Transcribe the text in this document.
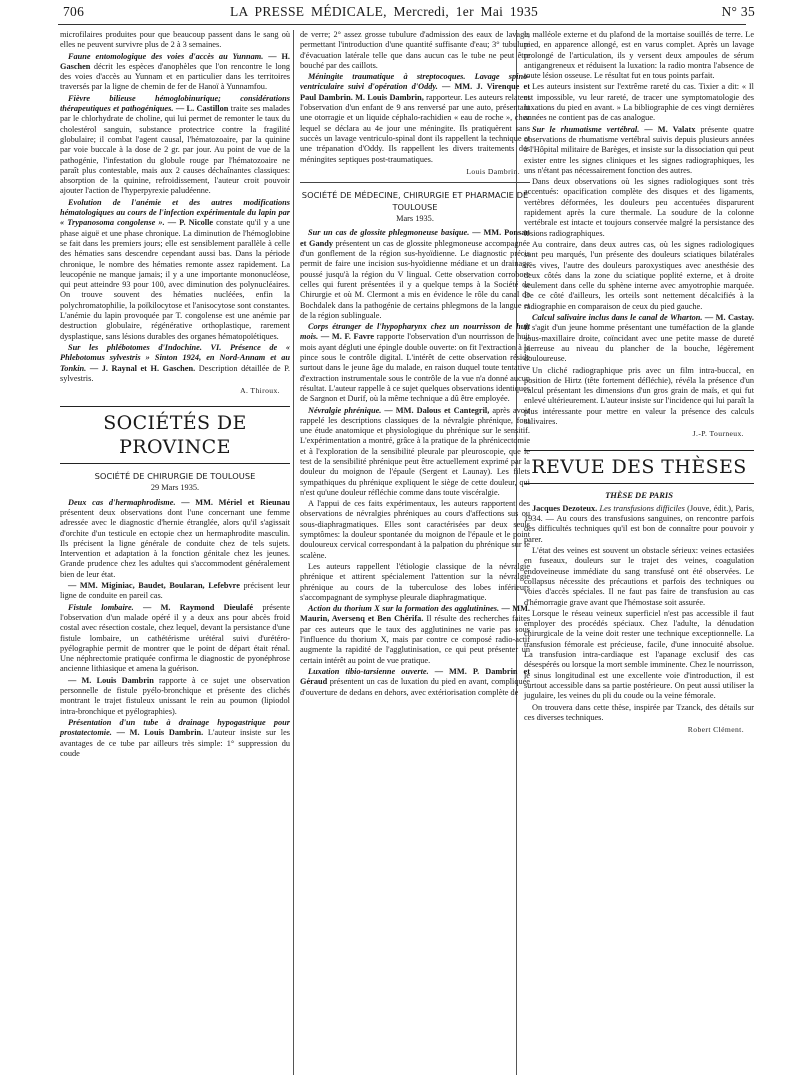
706	LA PRESSE MÉDICALE, Mercredi, 1er Mai 1935	N° 35

microfilaires produites pour que beaucoup passent dans le sang où elles ne peuvent survivre plus de 2 à 3 semaines.

Faune entomologique des voies d'accès au Yunnam. — H. Gaschen décrit les espèces d'anophèles que l'on rencontre le long des voies d'accès au Yunnam et en particulier dans les territoires traversés par la ligne de chemin de fer de Hanoï à Yunnamfou.

Fièvre bilieuse hémoglobinurique; considérations thérapeutiques et pathogéniques. — L. Castillon traite ses malades par le chlorhydrate de choline, qui lui permet de remonter le taux du cholestérol sanguin, substance protectrice contre la fragilité globulaire; il combat l'agent causal, l'hématozoaire, par la quinine par voie buccale à la dose de 2 gr. par jour. Au point de vue de la pathogénie, l'infestation du globule rouge par l'hématozoaire ne paraît plus contestable, mais aux 2 causes déchaînantes classiques: absorption de la quinine, refroidissement, l'auteur croit pouvoir ajouter l'action de l'hyperpyrexie paludéenne.

Evolution de l'anémie et des autres modifications hématologiques au cours de l'infection expérimentale du lapin par « Trypanosoma congolense ». — P. Nicolle constate qu'il y a une phase aiguë et une phase chronique. La diminution de l'hémoglobine se fait dans les premiers jours; elle est sensiblement parallèle à celle des hématies sans descendre cependant aussi bas. Dans la période chronique, le nombre des hématies remonte assez rapidement. La leucopénie ne manque jamais; il y a une importante mononucléose, qui peut atteindre 93 pour 100, avec diminution des polynucléaires. On trouve souvent des hématies nucléées, enfin la polychromatophilie, la poïkilocytose et l'anisocytose sont constantes. L'anémie du lapin provoquée par T. congolense est une anémie par destruction globulaire, régénérative orthoplastique, rarement dysplastique, sans lésions durables des organes hématopoïétiques.

Sur les phlébotomes d'Indochine. VI. Présence de « Phlebotomus sylvestris » Sinton 1924, en Nord-Annam et au Tonkin. — J. Raynal et H. Gaschen. Description détaillée de P. sylvestris.

A. Thiroux.
SOCIÉTÉS DE PROVINCE
SOCIÉTÉ DE CHIRURGIE DE TOULOUSE
29 Mars 1935.

Deux cas d'hermaphrodisme. — MM. Mériel et Rieunau présentent deux observations dont l'une concernant une femme adressée avec le diagnostic d'hernie étranglée, alors qu'il s'agissait d'orchite d'un testicule en ectopie chez un hermaphrodite masculin. Ils précisent la ligne générale de conduite chez de tels sujets. Intervention et adaptation à la fonction génitale chez les jeunes. Grande prudence chez les adultes qui s'accommodent généralement bien de leur état.

— MM. Miginiac, Baudet, Boularan, Lefebvre précisent leur ligne de conduite en pareil cas.

Fistule lombaire. — M. Raymond Dieulafé présente l'observation d'un malade opéré il y a deux ans pour abcès froid costal avec résection costale, chez lequel, devant la persistance d'une fistule lombaire, un cathétérisme urétéral suivi d'urétéro-pyélographie permit de montrer que le point de départ était rénal. Une néphrectomie pratiquée confirma le diagnostic de pyonéphrose ancienne lithiasique et amena la guérison.

— M. Louis Dambrin rapporte à ce sujet une observation personnelle de fistule pyélo-bronchique et présente des clichés montrant le trajet fistuleux unissant le rein au poumon (lipiodol intra-bronchique et pyélographies).

Présentation d'un tube à drainage hypogastrique pour prostatectomie. — M. Louis Dambrin. L'auteur insiste sur les avantages de ce tube par ailleurs très simple: 1° suppression du coude

de verre; 2° assez grosse tubulure d'admission des eaux de lavage, permettant l'introduction d'une quantité suffisante d'eau; 3° tubulure d'évacuation latérale telle que dans aucun cas le tube ne peut être bouché par des caillots.

Méningite traumatique à streptocoques. Lavage spino-ventriculaire suivi d'opération d'Oddy. — MM. J. Virenque et Paul Dambrin. M. Louis Dambrin, rapporteur. Les auteurs relatent l'observation d'un enfant de 9 ans renversé par une auto, présentant une otorragie et un liquide céphalo-rachidien « eau de roche », chez lequel se déclara au 4e jour une méningite. Ils pratiquèrent sans succès un lavage ventriculo-spinal dont ils rappellent la technique et une trépanation d'Oddy. Ils rappellent les divers traitements des méningites septiques post-traumatiques.

Louis Dambrin.
SOCIÉTÉ DE MÉDECINE, CHIRURGIE ET PHARMACIE DE TOULOUSE
Mars 1935.

Sur un cas de glossite phlegmoneuse basique. — MM. Ponsan et Gandy présentent un cas de glossite phlegmoneuse accompagnée d'un gonflement de la région sus-hyoïdienne. Le diagnostic précis permit de faire une incision sus-hyoïdienne médiane et un drainage poussé jusqu'à la région du V lingual. Cette observation corrobore celles qui furent présentées il y a quelque temps à la Société de Chirurgie et où M. Clermont a mis en évidence le rôle du canal de Bochdalek dans la pathogénie de certains phlegmons de la langue et de la région sublinguale.

Corps étranger de l'hypopharynx chez un nourrisson de huit mois. — M. F. Favre rapporte l'observation d'un nourrisson de huit mois ayant dégluti une épingle double ouverte: on fit l'extraction à la pince sous le contrôle digital. L'intérêt de cette observation réside surtout dans le jeune âge du malade, en raison duquel toute tentative d'extraction instrumentale sous le contrôle de la vue n'a donné aucun résultat. L'auteur rappelle à ce sujet quelques observations identiques de Sargnon et Durif, où la même technique a dû être employée.

Névralgie phrénique. — MM. Dalous et Cantegril, après avoir rappelé les descriptions classiques de la névralgie phrénique, font une étude anatomique et physiologique du phrénique sur le sensitif. L'expérimentation a montré, grâce à la pratique de la phrénicectomie et à l'exploration de la sensibilité pleurale par pleuroscopie, que le test de la sensibilité phrénique peut être actuellement exprimé par la douleur du moignon de l'épaule (Sergent et Launay). Les filets sympathiques du phrénique expliquent le siège de cette douleur, qui n'est qu'une douleur réfléchie comme dans toute viscéralgie.

A l'appui de ces faits expérimentaux, les auteurs rapportent des observations de névralgies phréniques au cours d'affections sus ou sous-diaphragmatiques. Elles sont caractérisées par deux seuls symptômes: la douleur spontanée du moignon de l'épaule et le point douloureux cervical correspondant à la palpation du phrénique sur le scalène.

Les auteurs rappellent l'étiologie classique de la névralgie phrénique et attirent spécialement l'attention sur la névralgie phrénique au cours de la tuberculose des lobes inférieurs s'accompagnant de symphyse pleurale diaphragmatique.

Action du thorium X sur la formation des agglutinines. — MM. Maurin, Aversenq et Ben Chérifa. Il résulte des recherches faites par ces auteurs que le taux des agglutinines ne varie pas sous l'influence du thorium X, mais par contre ce composé radio-actif augmente la rapidité de l'agglutinisation, ce qui peut présenter un certain intérêt au point de vue pratique.

Luxation tibio-tarsienne ouverte. — MM. P. Dambrin et Géraud présentent un cas de luxation du pied en avant, compliquée d'ouverture de dedans en dehors, avec extériorisation complète de

la malléole externe et du plafond de la mortaise souillés de terre. Le pied, en apparence allongé, est en varus complet. Après un lavage prolongé de l'articulation, ils y versent deux ampoules de sérum antigangreneux et réduisent la luxation: la radio montra l'absence de toute lésion osseuse. Le résultat fut en tous points parfait.

Les auteurs insistent sur l'extrême rareté du cas. Tixier a dit: « Il est impossible, vu leur rareté, de tracer une symptomatologie des luxations du pied en avant. » La bibliographie de ces vingt dernières années ne contient pas de cas analogue.

Sur le rhumatisme vertébral. — M. Valatx présente quatre observations de rhumatisme vertébral suivis depuis plusieurs années à l'Hôpital militaire de Barèges, et insiste sur la dissociation qui peut exister entre les signes cliniques et les signes radiographiques, les uns n'étant pas nécessairement fonction des autres.

Dans deux observations où les signes radiologiques sont très accentués: opacification complète des disques et des ligaments, vertèbres déformées, les douleurs peu accentuées disparurent rapidement après la cure thermale. La soudure de la colonne vertébrale est intacte et toujours conservée malgré la persistance des lésions radiographiques.

Au contraire, dans deux autres cas, où les signes radiologiques sont peu marqués, l'un présente des douleurs sciatiques bilatérales très vives, l'autre des douleurs paroxystiques avec anesthésie des deux côtés dans la zone du sciatique poplité externe, et à droite seulement dans celle du sphène interne avec amyotrophie marquée. De ce côté d'ailleurs, les orteils sont nettement décalcifiés à la radiographie en comparaison de ceux du pied gauche.

Calcul salivaire inclus dans le canal de Wharton. — M. Castay. Il s'agit d'un jeune homme présentant une tuméfaction de la glande sous-maxillaire droite, coïncidant avec une petite masse de dureté pierreuse au niveau du plancher de la bouche, légèrement douloureuse.

Un cliché radiographique pris avec un film intra-buccal, en position de Hirtz (tête fortement défléchie), révéla la présence d'un calcul présentant les dimensions d'un gros grain de maïs, et qui fut enlevé ultérieurement. L'auteur insiste sur l'incidence qui lui paraît la plus intéressante pour mettre en valeur la présence des calculs salivaires.

J.-P. Tourneux.
REVUE DES THÈSES
THÈSE DE PARIS

Jacques Dezoteux. Les transfusions difficiles (Jouve, édit.), Paris, 1934. — Au cours des transfusions sanguines, on rencontre parfois des difficultés techniques qu'il est bon de connaître pour pouvoir y parer.

L'état des veines est souvent un obstacle sérieux: veines ectasiées en fuseaux, douleurs sur le trajet des veines, coagulation endoveineuse immédiate du sang transfusé ont été observées. Le collapsus nécessite des précautions et parfois des techniques ou voies d'accès spéciales. Il ne faut pas faire de transfusion au cas d'hémorragie grave avant que l'hémostase soit assurée.

Lorsque le réseau veineux superficiel n'est pas accessible il faut employer des procédés spéciaux. Chez l'adulte, la dénudation chirurgicale de la veine doit rester une technique exceptionnelle. La transfusion fémorale est précieuse, facile, d'une innocuité absolue. La transfusion intra-cardiaque est l'apanage exclusif des cas désespérés ou lorsque la mort semble imminente. Chez le nourrisson, le sinus longitudinal est une excellente voie d'introduction, il est surtout accessible dans sa partie postérieure. On peut aussi utiliser la jugulaire, les veines du pli du coude ou la veine fémorale.

On trouvera dans cette thèse, inspirée par Tzanck, des détails sur ces diverses techniques.

Robert Clément.
